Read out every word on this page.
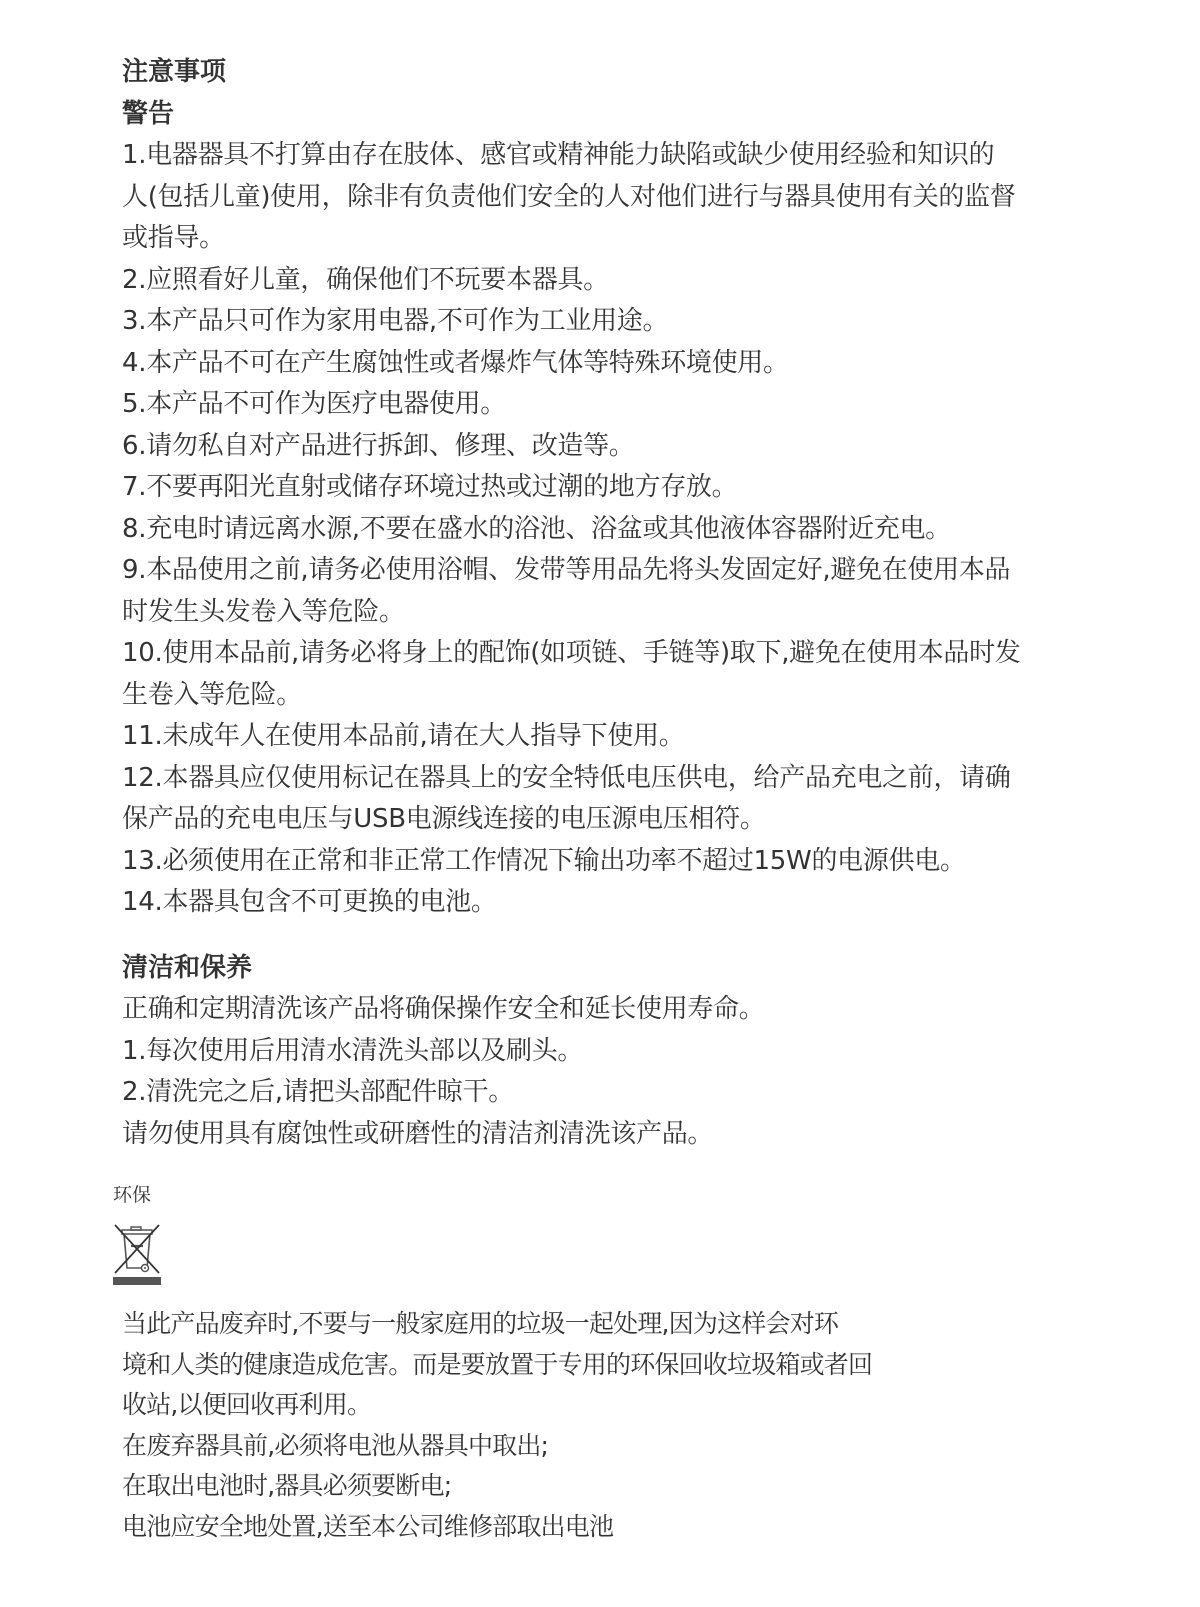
注意事项
警告
1.电器器具不打算由存在肢体、感官或精神能力缺陷或缺少使用经验和知识的
人(包括儿童)使用，除非有负责他们安全的人对他们进行与器具使用有关的监督
或指导。
2.应照看好儿童，确保他们不玩要本器具。
3.本产品只可作为家用电器,不可作为工业用途。
4.本产品不可在产生腐蚀性或者爆炸气体等特殊环境使用。
5.本产品不可作为医疗电器使用。
6.请勿私自对产品进行拆卸、修理、改造等。
7.不要再阳光直射或储存环境过热或过潮的地方存放。
8.充电时请远离水源,不要在盛水的浴池、浴盆或其他液体容器附近充电。
9.本品使用之前,请务必使用浴帽、发带等用品先将头发固定好,避免在使用本品
时发生头发卷入等危险。
10.使用本品前,请务必将身上的配饰(如项链、手链等)取下,避免在使用本品时发
生卷入等危险。
11.未成年人在使用本品前,请在大人指导下使用。
12.本器具应仅使用标记在器具上的安全特低电压供电，给产品充电之前，请确
保产品的充电电压与USB电源线连接的电压源电压相符。
13.必须使用在正常和非正常工作情况下输出功率不超过15W的电源供电。
14.本器具包含不可更换的电池。
清洁和保养
正确和定期清洗该产品将确保操作安全和延长使用寿命。
1.每次使用后用清水清洗头部以及刷头。
2.清洗完之后,请把头部配件晾干。
请勿使用具有腐蚀性或研磨性的清洁剂清洗该产品。
环保
当此产品废弃时,不要与一般家庭用的垃圾一起处理,因为这样会对环
境和人类的健康造成危害。而是要放置于专用的环保回收垃圾箱或者回
收站,以便回收再利用。
在废弃器具前,必须将电池从器具中取出;
在取出电池时,器具必须要断电;
电池应安全地处置,送至本公司维修部取出电池
